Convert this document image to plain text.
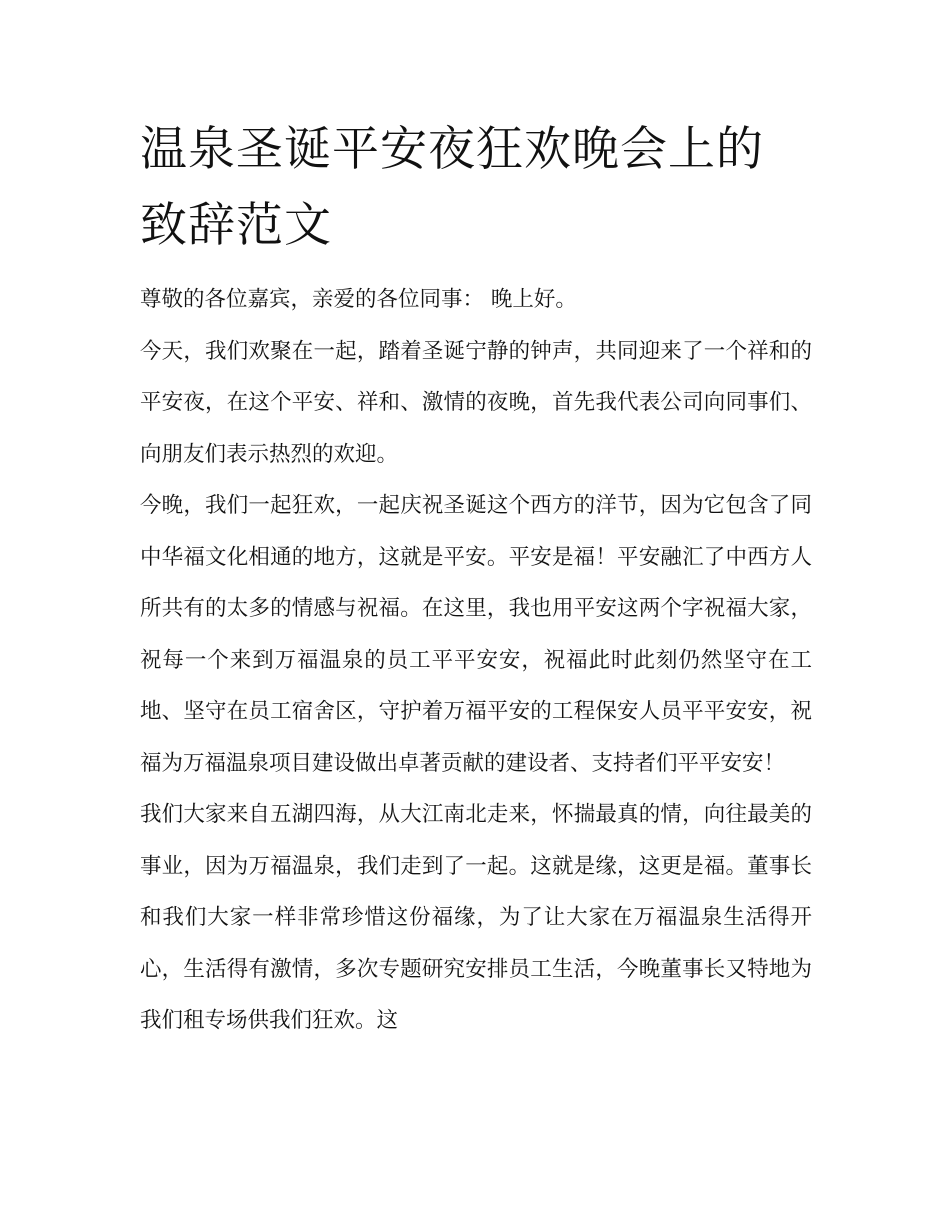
温泉圣诞平安夜狂欢晚会上的致辞范文

尊敬的各位嘉宾，亲爱的各位同事： 晚上好。

今天，我们欢聚在一起，踏着圣诞宁静的钟声，共同迎来了一个祥和的平安夜，在这个平安、祥和、激情的夜晚，首先我代表公司向同事们、向朋友们表示热烈的欢迎。

今晚，我们一起狂欢，一起庆祝圣诞这个西方的洋节，因为它包含了同中华福文化相通的地方，这就是平安。平安是福！平安融汇了中西方人所共有的太多的情感与祝福。在这里，我也用平安这两个字祝福大家，祝每一个来到万福温泉的员工平平安安，祝福此时此刻仍然坚守在工地、坚守在员工宿舍区，守护着万福平安的工程保安人员平平安安，祝福为万福温泉项目建设做出卓著贡献的建设者、支持者们平平安安！

我们大家来自五湖四海，从大江南北走来，怀揣最真的情，向往最美的事业，因为万福温泉，我们走到了一起。这就是缘，这更是福。董事长和我们大家一样非常珍惜这份福缘，为了让大家在万福温泉生活得开心，生活得有激情，多次专题研究安排员工生活，今晚董事长又特地为我们租专场供我们狂欢。这
